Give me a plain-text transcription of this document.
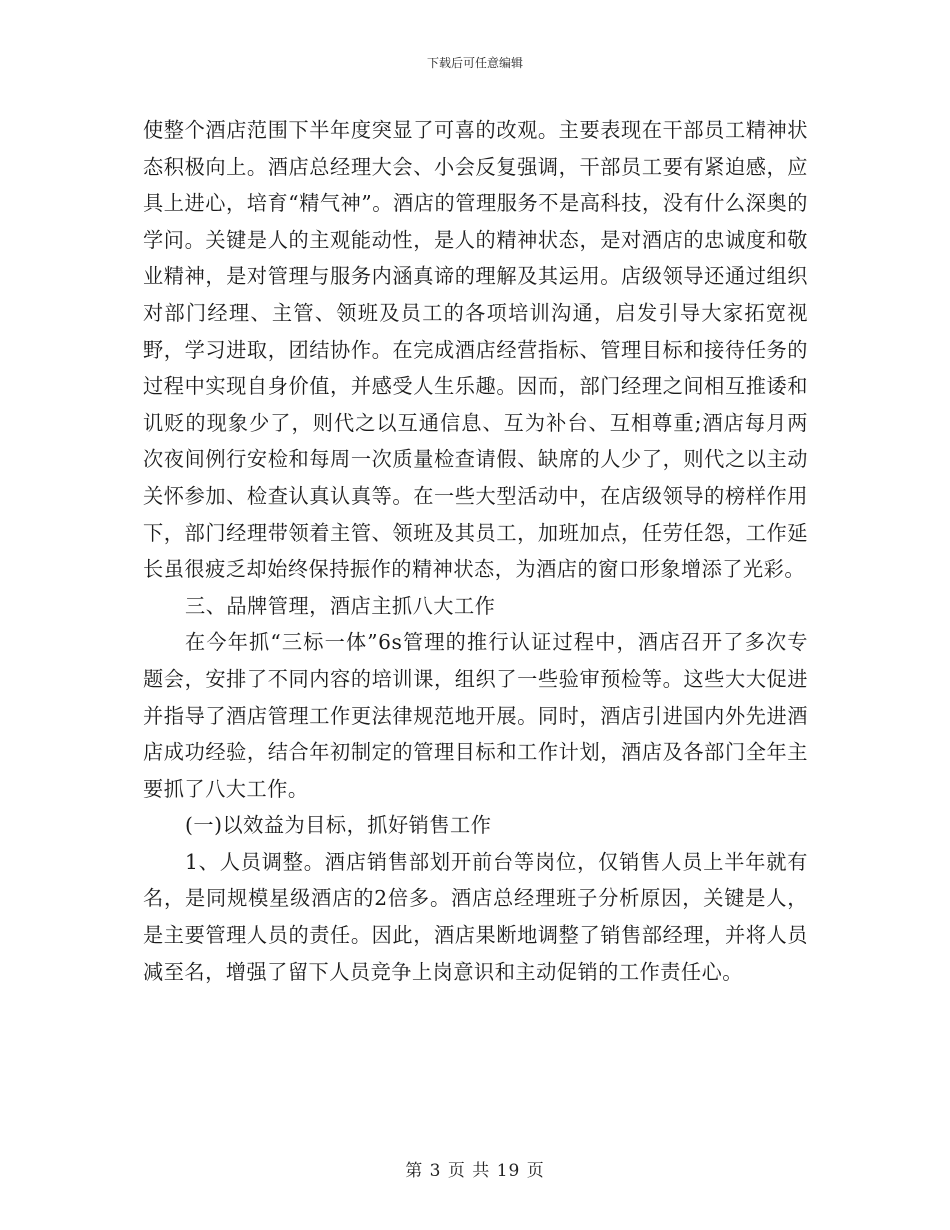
下载后可任意编辑

使整个酒店范围下半年度突显了可喜的改观。主要表现在干部员工精神状态积极向上。酒店总经理大会、小会反复强调，干部员工要有紧迫感，应具上进心，培育“精气神”。酒店的管理服务不是高科技，没有什么深奥的学问。关键是人的主观能动性，是人的精神状态，是对酒店的忠诚度和敬业精神，是对管理与服务内涵真谛的理解及其运用。店级领导还通过组织对部门经理、主管、领班及员工的各项培训沟通，启发引导大家拓宽视野，学习进取，团结协作。在完成酒店经营指标、管理目标和接待任务的过程中实现自身价值，并感受人生乐趣。因而，部门经理之间相互推诿和讥贬的现象少了，则代之以互通信息、互为补台、互相尊重;酒店每月两次夜间例行安检和每周一次质量检查请假、缺席的人少了，则代之以主动关怀参加、检查认真认真等。在一些大型活动中，在店级领导的榜样作用下，部门经理带领着主管、领班及其员工，加班加点，任劳任怨，工作延长虽很疲乏却始终保持振作的精神状态，为酒店的窗口形象增添了光彩。

三、品牌管理，酒店主抓八大工作

在今年抓“三标一体”6s管理的推行认证过程中，酒店召开了多次专题会，安排了不同内容的培训课，组织了一些验审预检等。这些大大促进并指导了酒店管理工作更法律规范地开展。同时，酒店引进国内外先进酒店成功经验，结合年初制定的管理目标和工作计划，酒店及各部门全年主要抓了八大工作。

(一)以效益为目标，抓好销售工作

1、人员调整。酒店销售部划开前台等岗位，仅销售人员上半年就有名，是同规模星级酒店的2倍多。酒店总经理班子分析原因，关键是人，是主要管理人员的责任。因此，酒店果断地调整了销售部经理，并将人员减至名，增强了留下人员竞争上岗意识和主动促销的工作责任心。

第 3 页 共 19 页
